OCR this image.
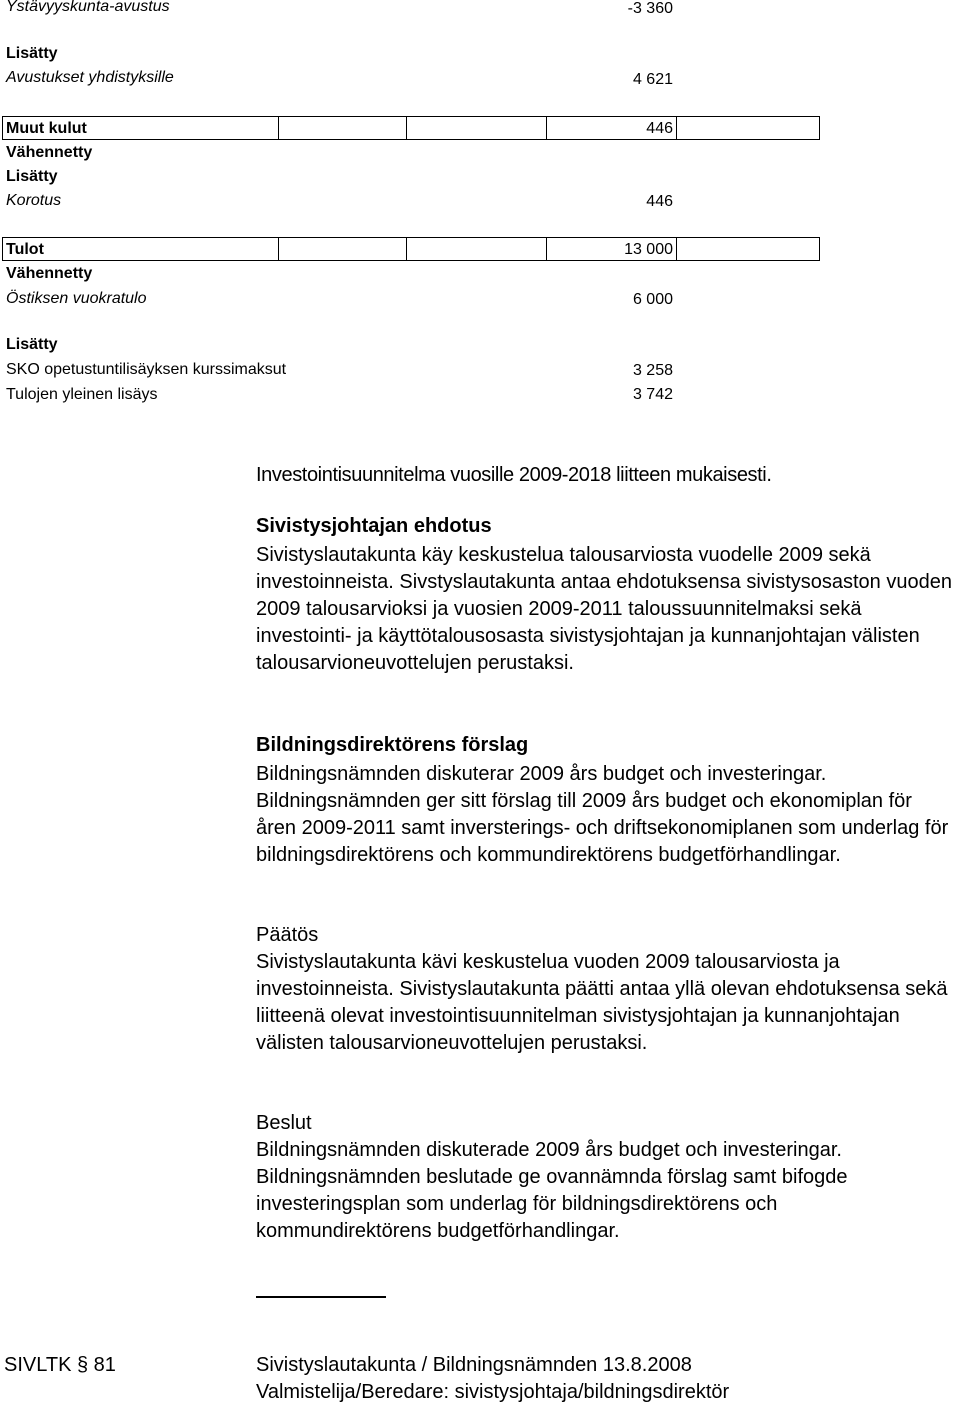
Ystävyyskunta-avustus	-3 360
Lisätty
Avustukset yhdistyksille	4 621
Muut kulut	446
Vähennetty
Lisätty
Korotus	446
Tulot	13 000
Vähennetty
Östiksen vuokratulo	6 000
Lisätty
SKO opetustuntilisäyksen kurssimaksut	3 258
Tulojen yleinen lisäys	3 742
Investointisuunnitelma vuosille 2009-2018 liitteen mukaisesti.
Sivistysjohtajan ehdotus

Sivistyslautakunta käy keskustelua talousarviosta vuodelle 2009 sekä investoinneista. Sivstyslautakunta antaa ehdotuksensa sivistysosaston vuoden 2009 talousarvioksi ja vuosien 2009-2011 taloussuunnitelmaksi sekä investointi- ja käyttötalousosasta sivistysjohtajan ja kunnanjohtajan välisten talousarvioneuvottelujen perustaksi.

Bildningsdirektörens förslag

Bildningsnämnden diskuterar 2009 års budget och investeringar. Bildningsnämnden ger sitt förslag till 2009 års budget och ekonomiplan för åren 2009-2011 samt inversterings- och driftsekonomiplanen som underlag för bildningsdirektörens och kommundirektörens budgetförhandlingar.

Päätös

Sivistyslautakunta kävi keskustelua vuoden 2009 talousarviosta ja investoinneista. Sivistyslautakunta päätti antaa yllä olevan ehdotuksensa sekä liitteenä olevat investointisuunnitelman sivistysjohtajan ja kunnanjohtajan välisten talousarvioneuvottelujen perustaksi.

Beslut

Bildningsnämnden diskuterade 2009 års budget och investeringar. Bildningsnämnden beslutade ge ovannämnda förslag samt bifogde investeringsplan som underlag för bildningsdirektörens och kommundirektörens budgetförhandlingar.

SIVLTK § 81	Sivistyslautakunta / Bildningsnämnden 13.8.2008
Valmistelija/Beredare: sivistysjohtaja/bildningsdirektör
